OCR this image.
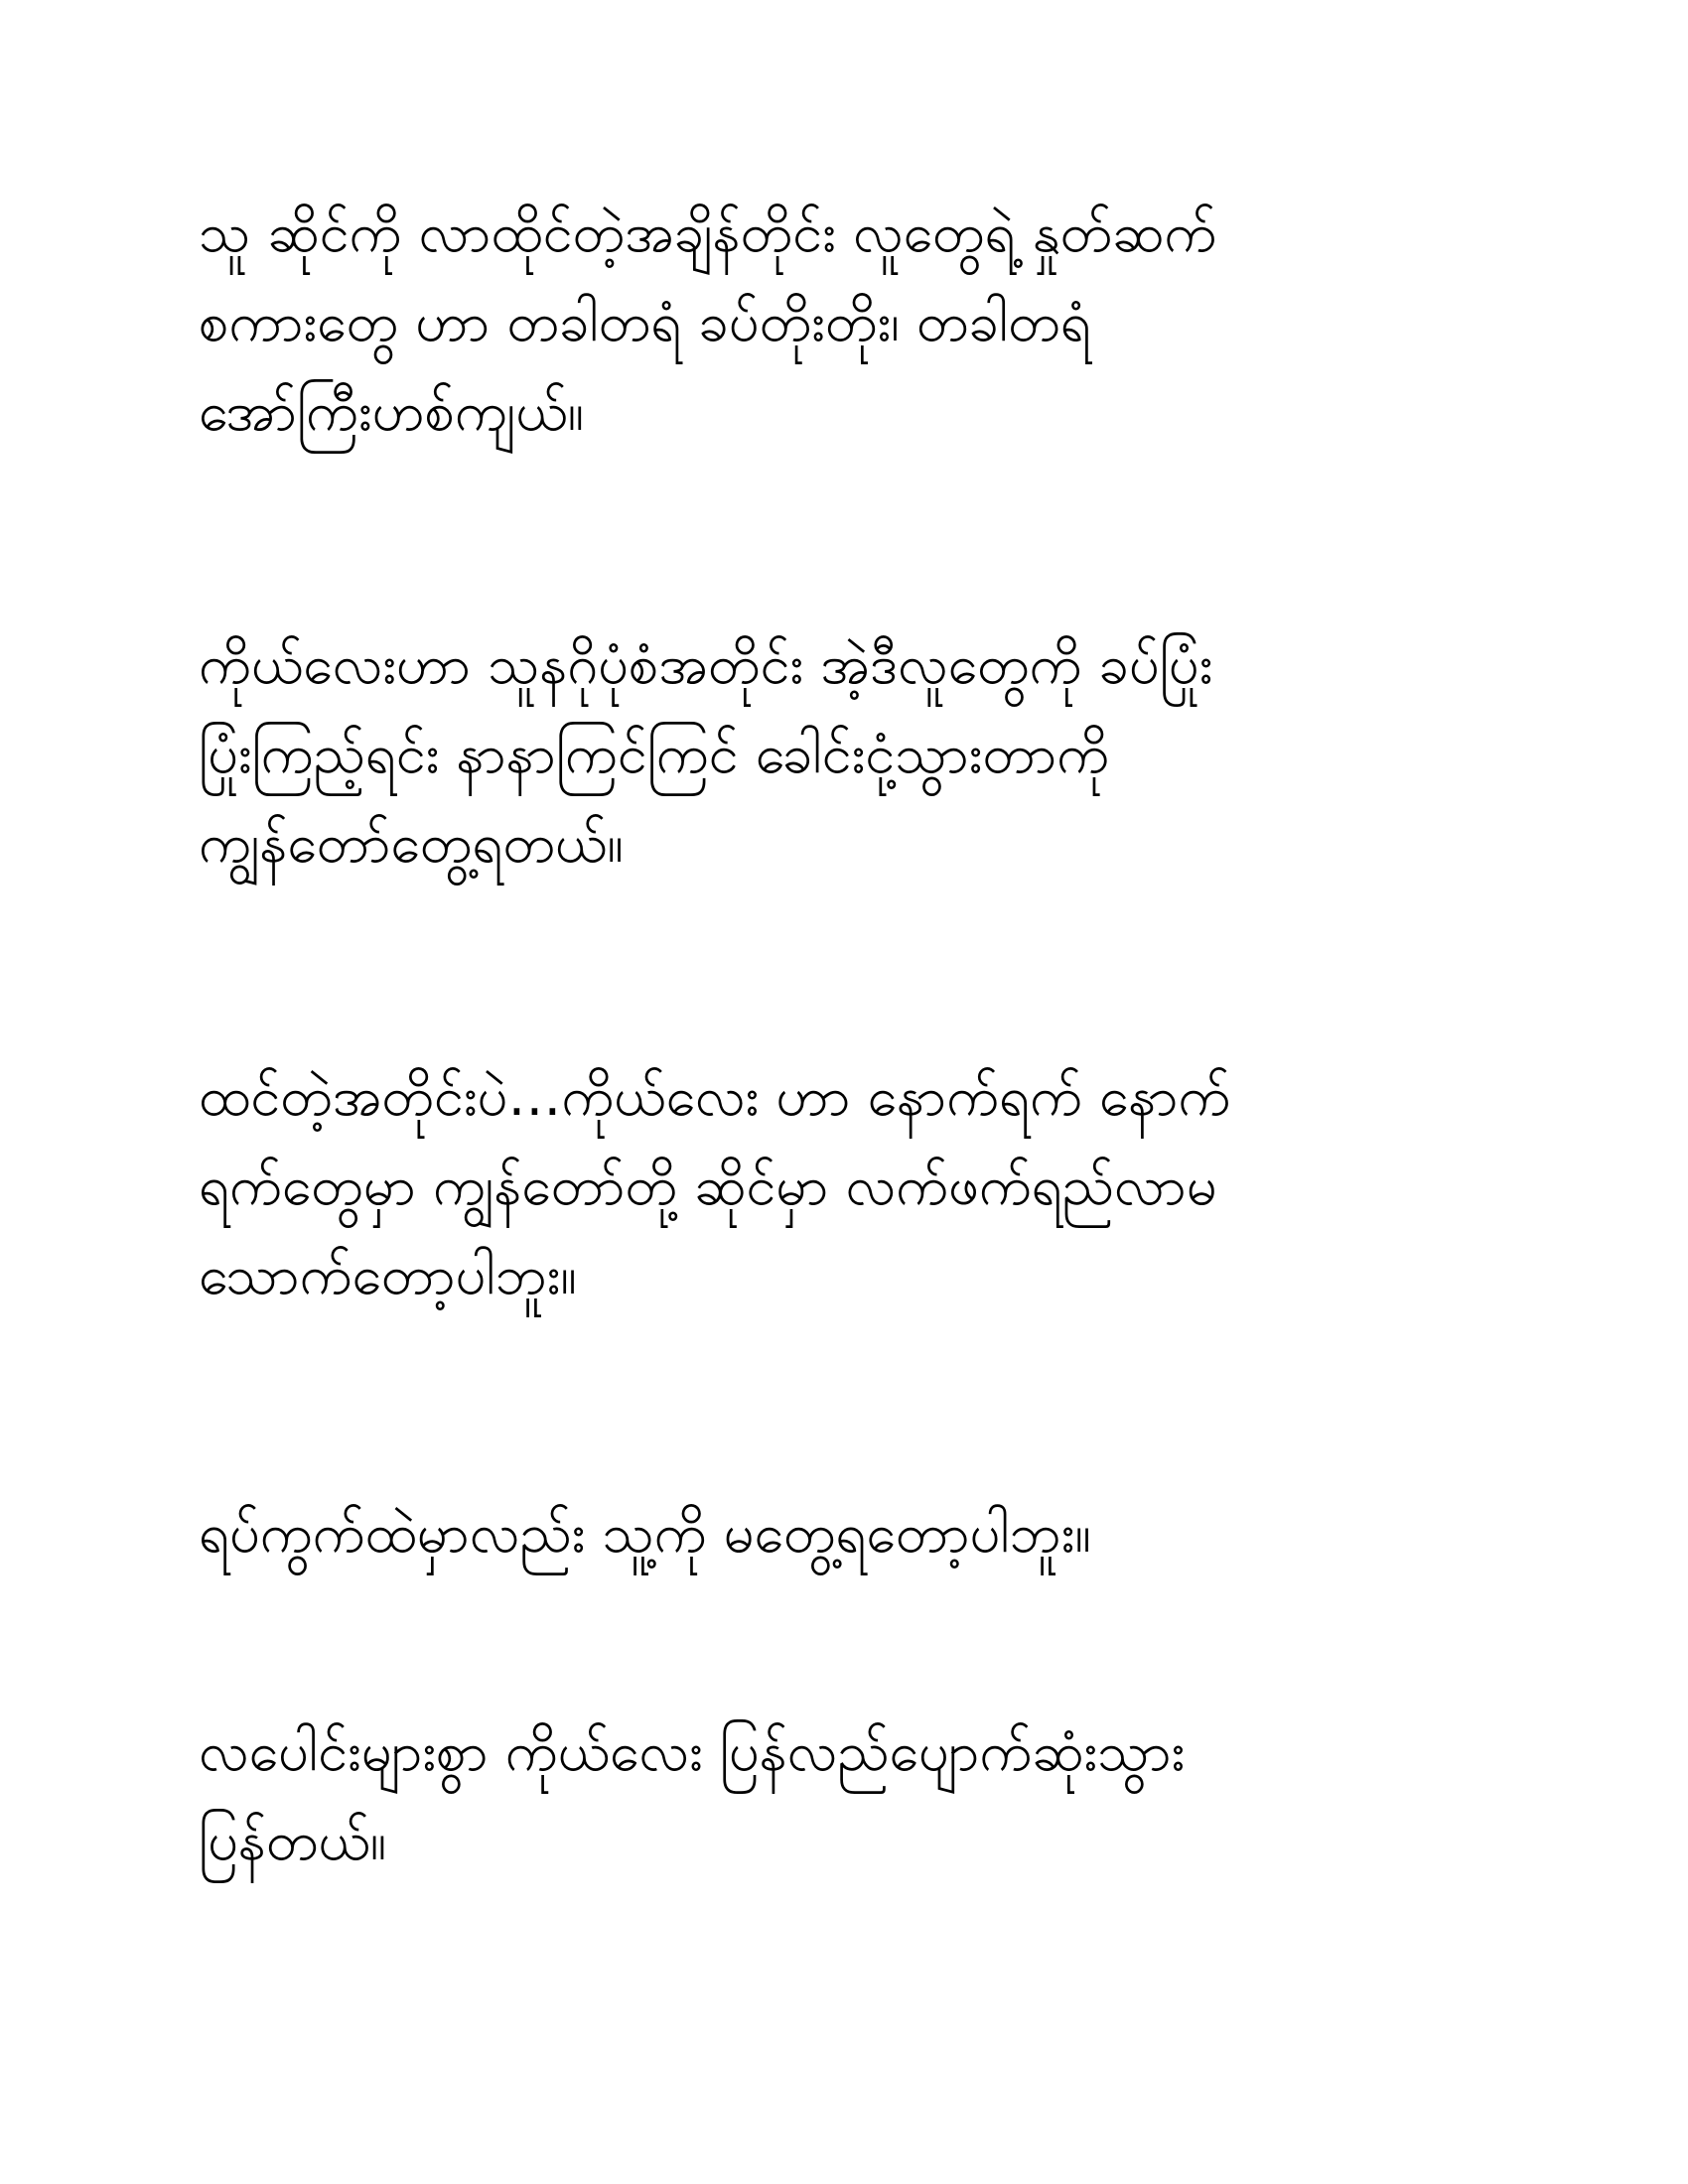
သူ ဆိုင်ကို လာထိုင်တဲ့အချိန်တိုင်း လူတွေရဲ့ နှုတ်ဆက်
စကားတွေ ဟာ တခါတရံ ခပ်တိုးတိုး၊ တခါတရံ
အော်ကြီးဟစ်ကျယ်။
ကိုယ်လေးဟာ သူနဂိုပုံစံအတိုင်း အဲ့ဒီလူတွေကို ခပ်ပြုံး
ပြုံးကြည့်ရင်း နာနာကြင်ကြင် ခေါင်းငုံ့သွားတာကို
ကျွန်တော်တွေ့ရတယ်။
ထင်တဲ့အတိုင်းပဲ…ကိုယ်လေး ဟာ နောက်ရက် နောက်
ရက်တွေမှာ ကျွန်တော်တို့ ဆိုင်မှာ လက်ဖက်ရည်လာမ
သောက်တော့ပါဘူး။
ရပ်ကွက်ထဲမှာလည်း သူ့ကို မတွေ့ရတော့ပါဘူး။
လပေါင်းများစွာ ကိုယ်လေး ပြန်လည်ပျောက်ဆုံးသွား
ပြန်တယ်။
